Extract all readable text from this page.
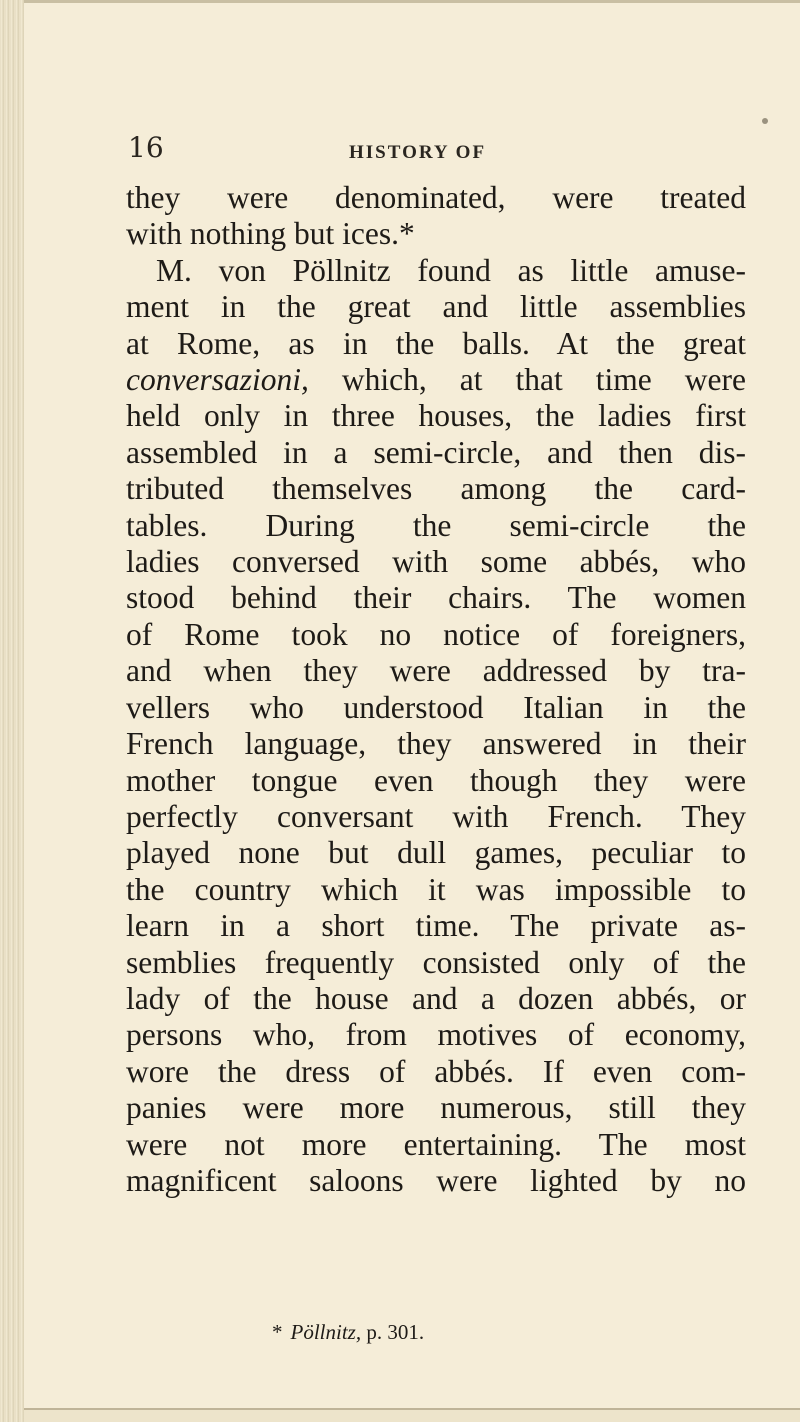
16	HISTORY OF
they were denominated, were treated
with nothing but ices.*
M. von Pöllnitz found as little amuse-
ment in the great and little assemblies
at Rome, as in the balls. At the great
conversazioni, which, at that time were
held only in three houses, the ladies first
assembled in a semi-circle, and then dis-
tributed themselves among the card-
tables. During the semi-circle the
ladies conversed with some abbés, who
stood behind their chairs. The women
of Rome took no notice of foreigners,
and when they were addressed by tra-
vellers who understood Italian in the
French language, they answered in their
mother tongue even though they were
perfectly conversant with French. They
played none but dull games, peculiar to
the country which it was impossible to
learn in a short time. The private as-
semblies frequently consisted only of the
lady of the house and a dozen abbés, or
persons who, from motives of economy,
wore the dress of abbés. If even com-
panies were more numerous, still they
were not more entertaining. The most
magnificent saloons were lighted by no
* Pöllnitz, p. 301.
